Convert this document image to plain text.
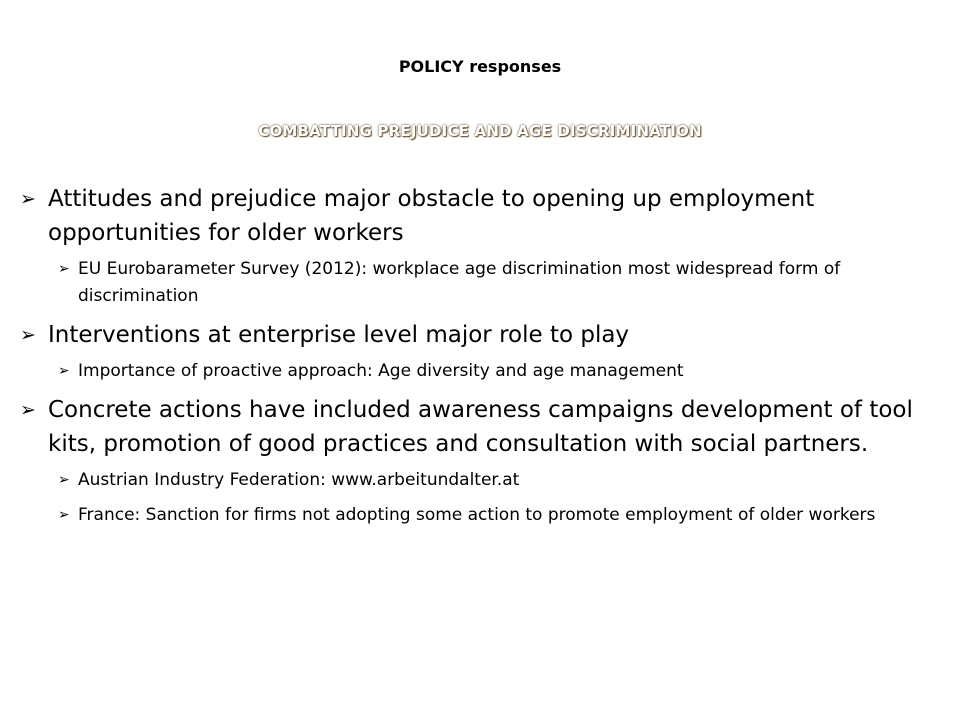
POLICY responses
COMBATTING PREJUDICE AND AGE DISCRIMINATION
➢ Attitudes and prejudice major obstacle to opening up employment opportunities for older workers
➢ EU Eurobarameter Survey (2012): workplace age discrimination most widespread form of discrimination
➢ Interventions at enterprise level major role to play
➢ Importance of proactive approach: Age diversity and age management
➢ Concrete actions have included awareness campaigns development of tool kits, promotion of good practices and consultation with social partners.
➢ Austrian Industry Federation: www.arbeitundalter.at
➢ France: Sanction for firms not adopting some action to promote employment of older workers
